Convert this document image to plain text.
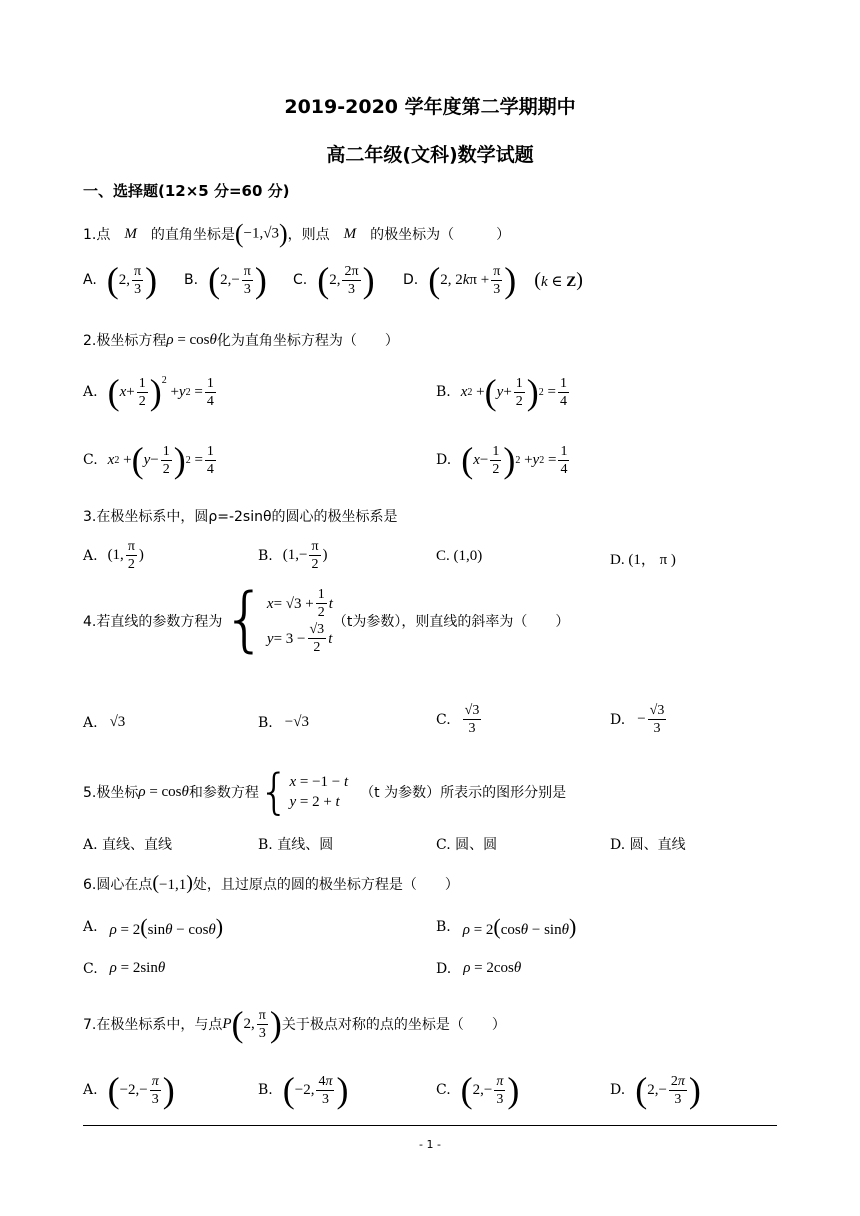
2019-2020 学年度第二学期期中
高二年级(文科)数学试题
一、选择题(12×5 分=60 分)
1.点 M 的直角坐标是 (−1,√3) ，则点 M 的极坐标为（　　　）
A. ( 2, $\frac{\pi}{3}$ ) B. ( $2,- \frac{\pi}{3}$ ) C. ( 2, $\frac{2\pi}{3}$ ) D. ( 2, 2 k $\pi + \frac{\pi}{3}$ ) (k ∈ Z)
2.极坐标方程 ρ = cosθ 化为直角坐标方程为（　　）
A. ( $x + \frac{1}{2}$ ) 2
+ y $2 = \frac{1}{4}$	B. x 2 + ( $y + \frac{1}{2}$ ) $2 = \frac{1}{4}$
C. x 2 + ( $y - \frac{1}{2}$ ) $2 = \frac{1}{4}$	D. ( $x - \frac{1}{2}$ ) 2 + y $2 = \frac{1}{4}$
3.在极坐标系中，圆ρ=-2sinθ的圆心的极坐标系是
A. (1, $\frac{\pi}{2}$ )	B. ($1,- \frac{\pi}{2}$ )	C. (1,0)	D. (1， π )
4.若直线的参数方程为 { $x = √3 + \frac{1}{2}$ t

$y = 3 - \frac{√3}{2}$ t
（t为参数），则直线的斜率为（　　）
A. √3	B. −√3	C. $\frac{√3}{3}$	D. − $\frac{√3}{3}$
5.极坐标 ρ = cosθ 和参数方程 { x = −1 − t
y = 2 + t
（t 为参数）所表示的图形分别是
A. 直线、直线	B. 直线、圆	C. 圆、圆	D. 圆、直线
6.圆心在点 (−1,1) 处，且过原点的圆的极坐标方程是（　　）
A. ρ = 2(sinθ − cosθ)	B. ρ = 2(cosθ − sinθ)
C. ρ = 2sinθ	D. ρ = 2cosθ
7.在极坐标系中，与点 P ( 2, $\frac{\pi}{3}$ ) 关于极点对称的点的坐标是（　　）
A. ( $-2,- \frac{\pi}{3}$ )	B. ( −2, $\frac{4\pi}{3}$ )	C. ( $2,- \frac{\pi}{3}$ )	D. ( $2,- \frac{2\pi}{3}$ )
- 1 -
